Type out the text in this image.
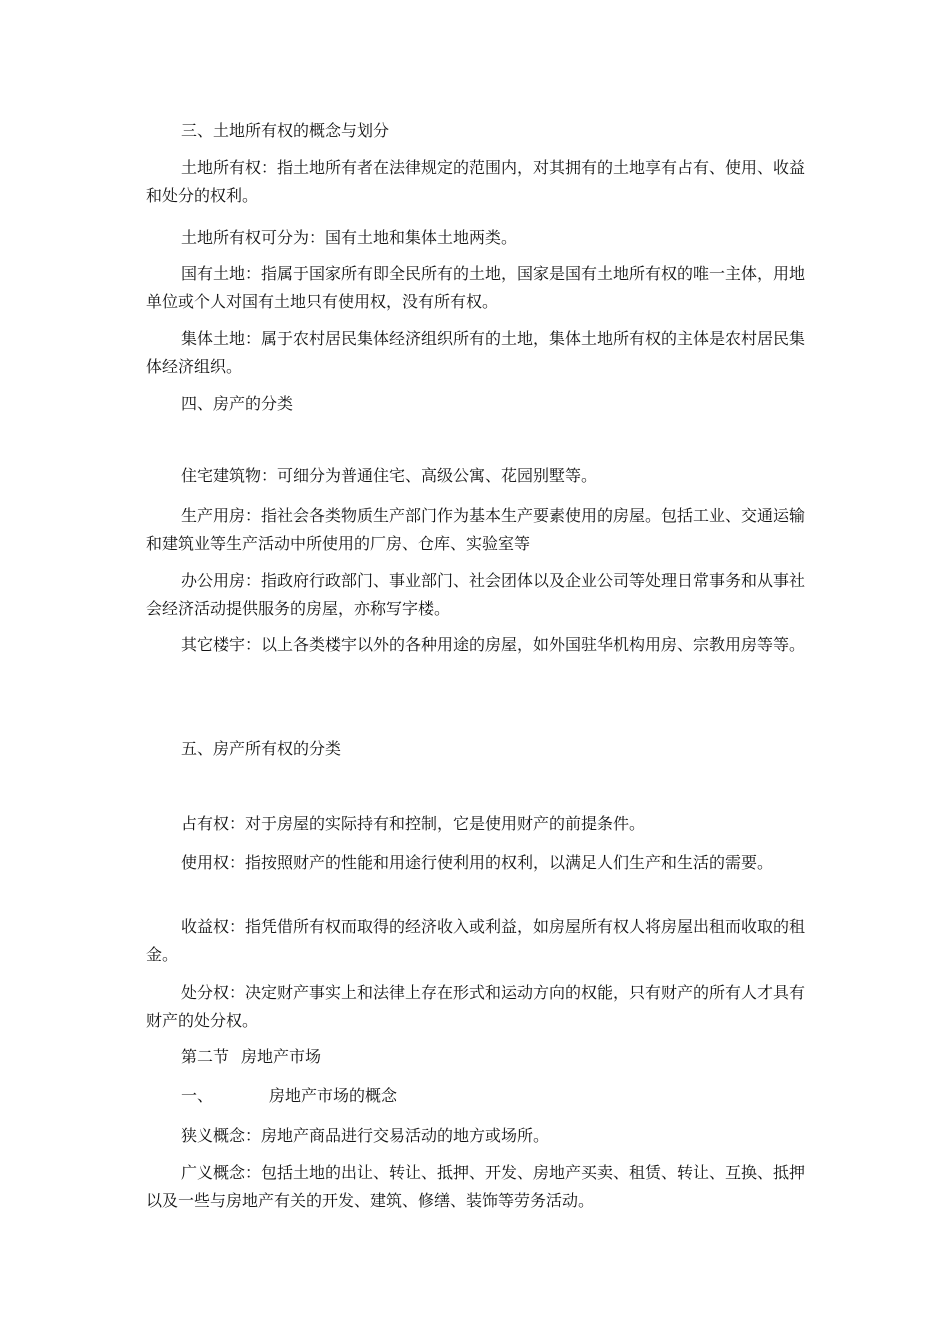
三、土地所有权的概念与划分

土地所有权：指土地所有者在法律规定的范围内，对其拥有的土地享有占有、使用、收益和处分的权利。

土地所有权可分为：国有土地和集体土地两类。

国有土地：指属于国家所有即全民所有的土地，国家是国有土地所有权的唯一主体，用地单位或个人对国有土地只有使用权，没有所有权。

集体土地：属于农村居民集体经济组织所有的土地，集体土地所有权的主体是农村居民集体经济组织。

四、房产的分类

住宅建筑物：可细分为普通住宅、高级公寓、花园别墅等。

生产用房：指社会各类物质生产部门作为基本生产要素使用的房屋。包括工业、交通运输和建筑业等生产活动中所使用的厂房、仓库、实验室等

办公用房：指政府行政部门、事业部门、社会团体以及企业公司等处理日常事务和从事社会经济活动提供服务的房屋，亦称写字楼。

其它楼宇：以上各类楼宇以外的各种用途的房屋，如外国驻华机构用房、宗教用房等等。

五、房产所有权的分类

占有权：对于房屋的实际持有和控制，它是使用财产的前提条件。

使用权：指按照财产的性能和用途行使利用的权利，以满足人们生产和生活的需要。

收益权：指凭借所有权而取得的经济收入或利益，如房屋所有权人将房屋出租而收取的租金。

处分权：决定财产事实上和法律上存在形式和运动方向的权能，只有财产的所有人才具有财产的处分权。

第二节 房地产市场

一、	房地产市场的概念

狭义概念：房地产商品进行交易活动的地方或场所。

广义概念：包括土地的出让、转让、抵押、开发、房地产买卖、租赁、转让、互换、抵押以及一些与房地产有关的开发、建筑、修缮、装饰等劳务活动。
